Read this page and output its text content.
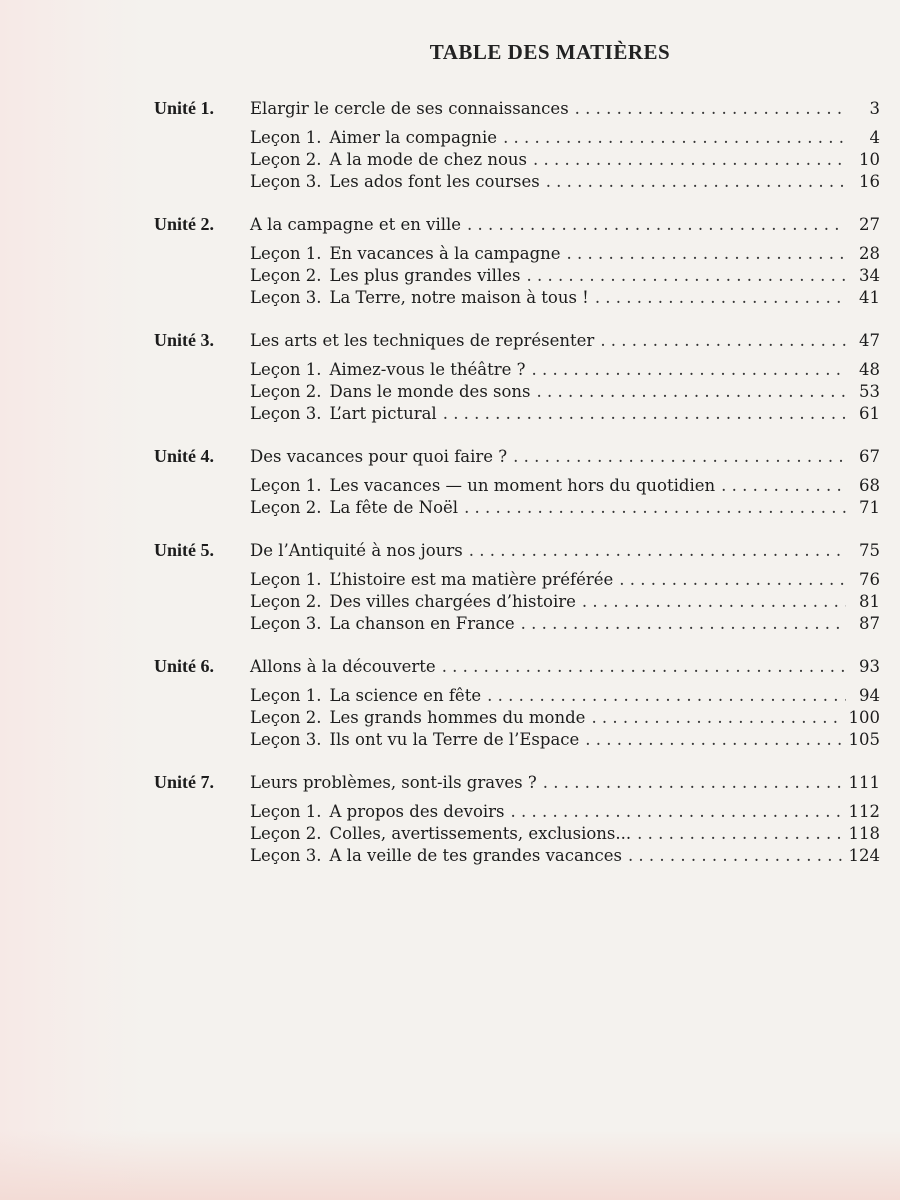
TABLE DES MATIÈRES
Unité 1.	Elargir le cercle de ses connaissances . . .	3
Leçon 1. Aimer la compagnie . . .	4
Leçon 2. A la mode de chez nous . . .	10
Leçon 3. Les ados font les courses . . .	16
Unité 2.	A la campagne et en ville . . .	27
Leçon 1. En vacances à la campagne . . .	28
Leçon 2. Les plus grandes villes . . .	34
Leçon 3. La Terre, notre maison à tous ! . . .	41
Unité 3.	Les arts et les techniques de représenter . . .	47
Leçon 1. Aimez-vous le théâtre ? . . .	48
Leçon 2. Dans le monde des sons . . .	53
Leçon 3. L’art pictural . . .	61
Unité 4.	Des vacances pour quoi faire ? . . .	67
Leçon 1. Les vacances — un moment hors du quotidien . . .	68
Leçon 2. La fête de Noël . . .	71
Unité 5.	De l’Antiquité à nos jours . . .	75
Leçon 1. L’histoire est ma matière préférée . . .	76
Leçon 2. Des villes chargées d’histoire . . .	81
Leçon 3. La chanson en France . . .	87
Unité 6.	Allons à la découverte . . .	93
Leçon 1. La science en fête . . .	94
Leçon 2. Les grands hommes du monde . . .	100
Leçon 3. Ils ont vu la Terre de l’Espace . . .	105
Unité 7.	Leurs problèmes, sont-ils graves ? . . .	111
Leçon 1. A propos des devoirs . . .	112
Leçon 2. Colles, avertissements, exclusions... . . .	118
Leçon 3. A la veille de tes grandes vacances . . .	124
